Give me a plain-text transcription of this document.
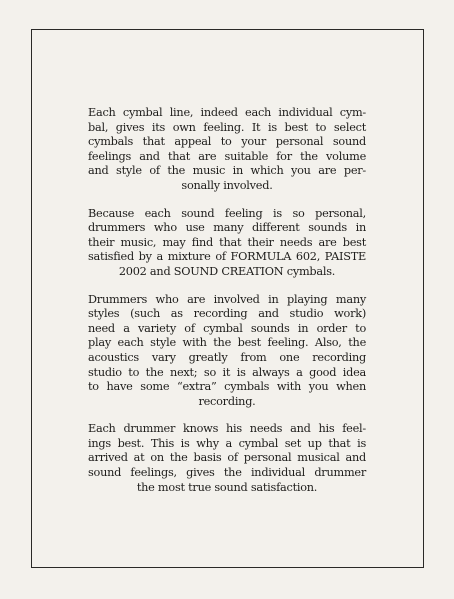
Each cymbal line, indeed each individual cym-
bal, gives its own feeling. It is best to select
cymbals that appeal to your personal sound
feelings and that are suitable for the volume
and style of the music in which you are per-
sonally involved.

Because each sound feeling is so personal,
drummers who use many different sounds in
their music, may find that their needs are best
satisfied by a mixture of FORMULA 602, PAISTE
2002 and SOUND CREATION cymbals.

Drummers who are involved in playing many
styles (such as recording and studio work)
need a variety of cymbal sounds in order to
play each style with the best feeling. Also, the
acoustics vary greatly from one recording
studio to the next; so it is always a good idea
to have some “extra” cymbals with you when
recording.

Each drummer knows his needs and his feel-
ings best. This is why a cymbal set up that is
arrived at on the basis of personal musical and
sound feelings, gives the individual drummer
the most true sound satisfaction.
